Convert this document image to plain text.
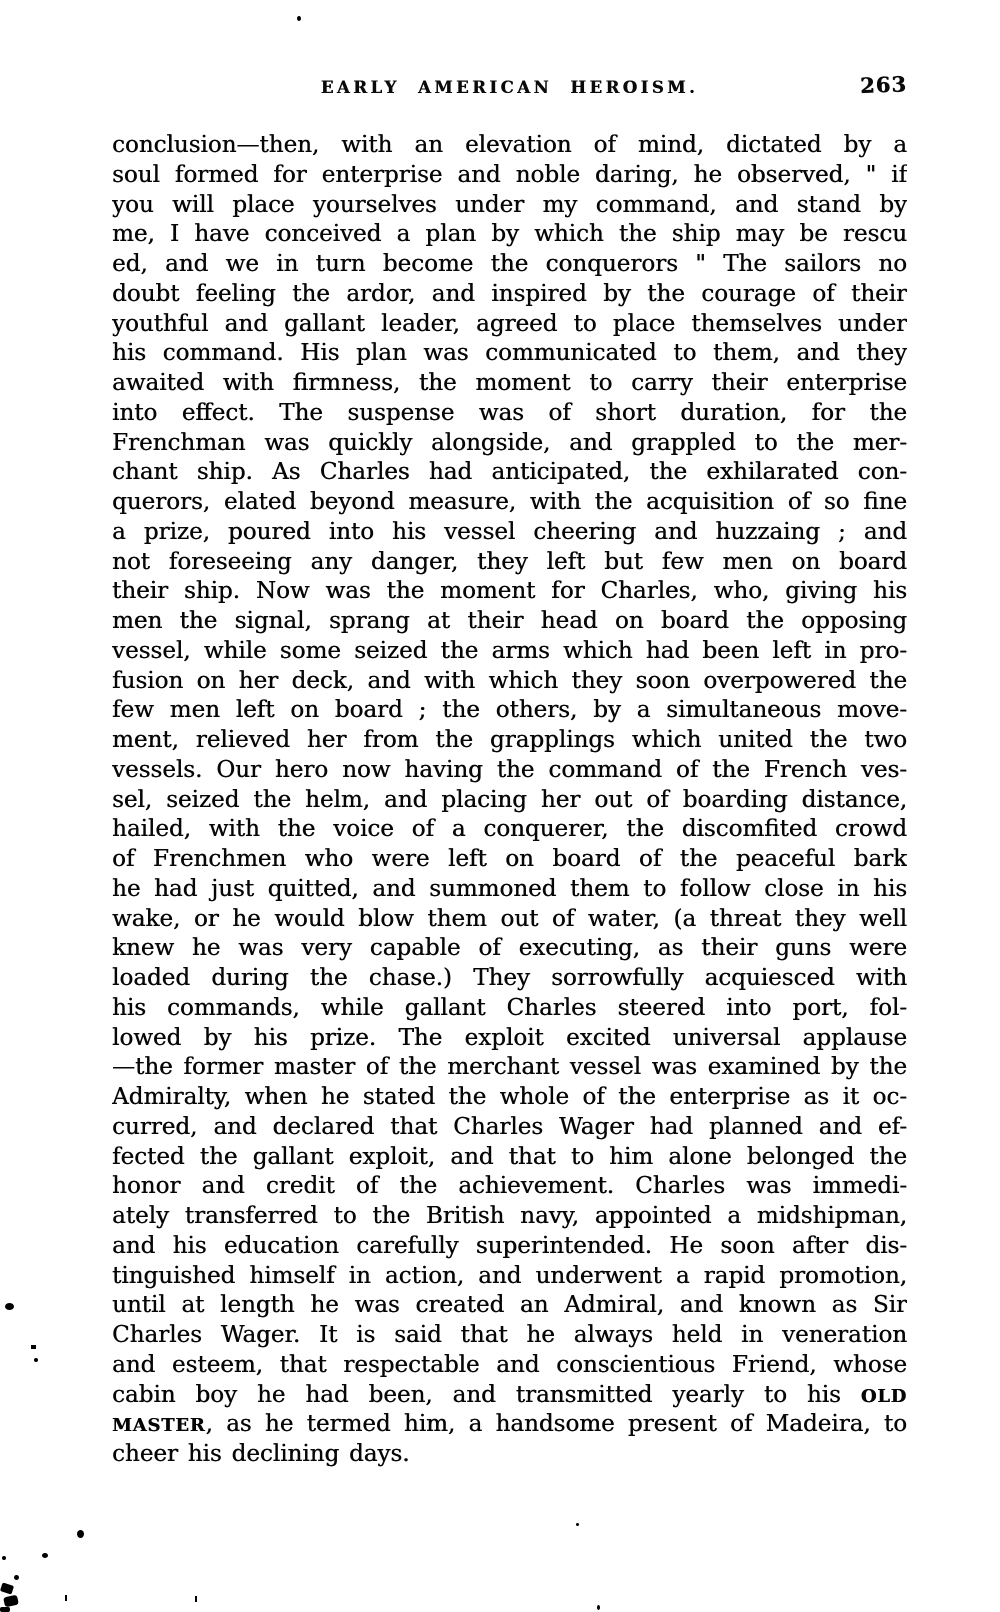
EARLY AMERICAN HEROISM.	263
conclusion—then, with an elevation of mind, dictated by a
soul formed for enterprise and noble daring, he observed, " if
you will place yourselves under my command, and stand by
me, I have conceived a plan by which the ship may be rescu
ed, and we in turn become the conquerors " The sailors no
doubt feeling the ardor, and inspired by the courage of their
youthful and gallant leader, agreed to place themselves under
his command. His plan was communicated to them, and they
awaited with firmness, the moment to carry their enterprise
into effect. The suspense was of short duration, for the
Frenchman was quickly alongside, and grappled to the mer-
chant ship. As Charles had anticipated, the exhilarated con-
querors, elated beyond measure, with the acquisition of so fine
a prize, poured into his vessel cheering and huzzaing ; and
not foreseeing any danger, they left but few men on board
their ship. Now was the moment for Charles, who, giving his
men the signal, sprang at their head on board the opposing
vessel, while some seized the arms which had been left in pro-
fusion on her deck, and with which they soon overpowered the
few men left on board ; the others, by a simultaneous move-
ment, relieved her from the grapplings which united the two
vessels. Our hero now having the command of the French ves-
sel, seized the helm, and placing her out of boarding distance,
hailed, with the voice of a conquerer, the discomfited crowd
of Frenchmen who were left on board of the peaceful bark
he had just quitted, and summoned them to follow close in his
wake, or he would blow them out of water, (a threat they well
knew he was very capable of executing, as their guns were
loaded during the chase.) They sorrowfully acquiesced with
his commands, while gallant Charles steered into port, fol-
lowed by his prize. The exploit excited universal applause
—the former master of the merchant vessel was examined by the
Admiralty, when he stated the whole of the enterprise as it oc-
curred, and declared that Charles Wager had planned and ef-
fected the gallant exploit, and that to him alone belonged the
honor and credit of the achievement. Charles was immedi-
ately transferred to the British navy, appointed a midshipman,
and his education carefully superintended. He soon after dis-
tinguished himself in action, and underwent a rapid promotion,
until at length he was created an Admiral, and known as Sir
Charles Wager. It is said that he always held in veneration
and esteem, that respectable and conscientious Friend, whose
cabin boy he had been, and transmitted yearly to his OLD
MASTER, as he termed him, a handsome present of Madeira, to
cheer his declining days.
